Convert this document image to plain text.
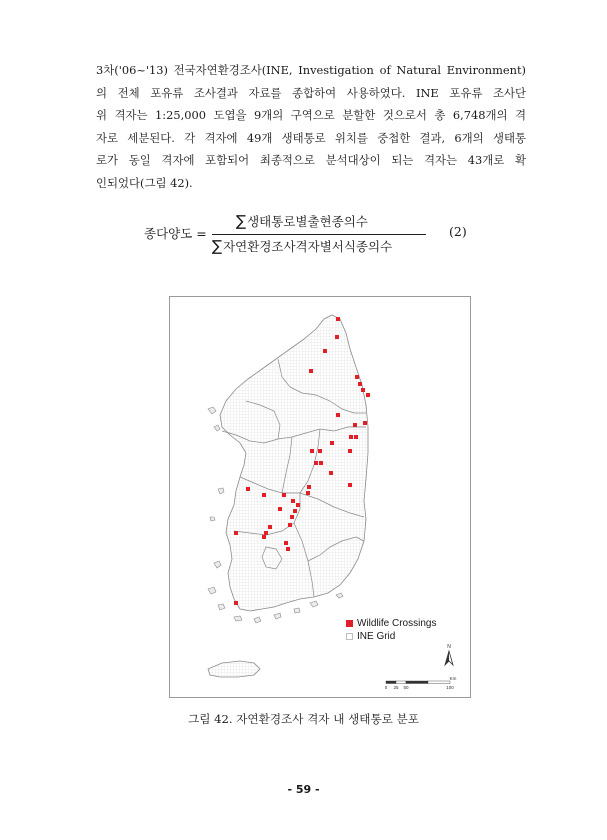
3차('06~'13) 전국자연환경조사(INE, Investigation of Natural Environment)
의 전체 포유류 조사결과 자료를 종합하여 사용하였다. INE 포유류 조사단
위 격자는 1:25,000 도엽을 9개의 구역으로 분할한 것으로서 총 6,748개의 격
자로 세분된다. 각 격자에 49개 생태통로 위치를 중첩한 결과, 6개의 생태통
로가 동일 격자에 포함되어 최종적으로 분석대상이 되는 격자는 43개로 확
인되었다(그림 42).
종다양도 =
∑생태통로별출현종의수
∑자연환경조사격자별서식종의수
(2)
N
Km
0 25 50	100
Wildlife Crossings
INE Grid
그림 42. 자연환경조사 격자 내 생태통로 분포
- 59 -
